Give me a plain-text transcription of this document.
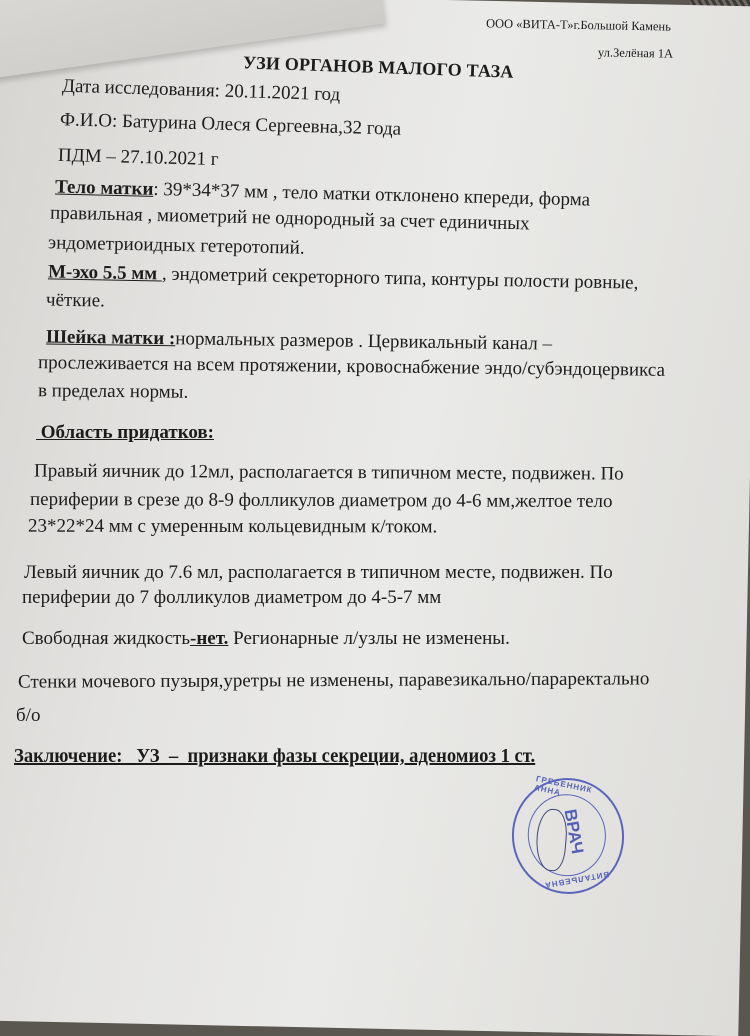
ООО «ВИТА-Т»г.Большой Камень
ул.Зелёная 1А
УЗИ ОРГАНОВ МАЛОГО ТАЗА
Дата исследования: 20.11.2021 год
Ф.И.О: Батурина Олеся Сергеевна,32 года
ПДМ – 27.10.2021 г
Тело матки: 39*34*37 мм , тело матки отклонено кпереди, форма
правильная , миометрий не однородный за счет единичных
эндометриоидных гетеротопий.
М-эхо 5.5 мм , эндометрий секреторного типа, контуры полости ровные,
чёткие.
Шейка матки :нормальных размеров . Цервикальный канал –
прослеживается на всем протяжении, кровоснабжение эндо/субэндоцервикса
в пределах нормы.
Область придатков:
Правый яичник до 12мл, располагается в типичном месте, подвижен. По
периферии в срезе до 8-9 фолликулов диаметром до 4-6 мм,желтое тело
23*22*24 мм с умеренным кольцевидным к/током.
Левый яичник до 7.6 мл, располагается в типичном месте, подвижен. По
периферии до 7 фолликулов диаметром до 4-5-7 мм
Свободная жидкость-нет. Регионарные л/узлы не изменены.
Стенки мочевого пузыря,уретры не изменены, паравезикально/параректально
б/о
Заключение:   УЗ  –  признаки фазы секреции, аденомиоз 1 ст.
ГРЕБЕННИК АННА
ВИТАЛЬЕВНА
ВРАЧ
